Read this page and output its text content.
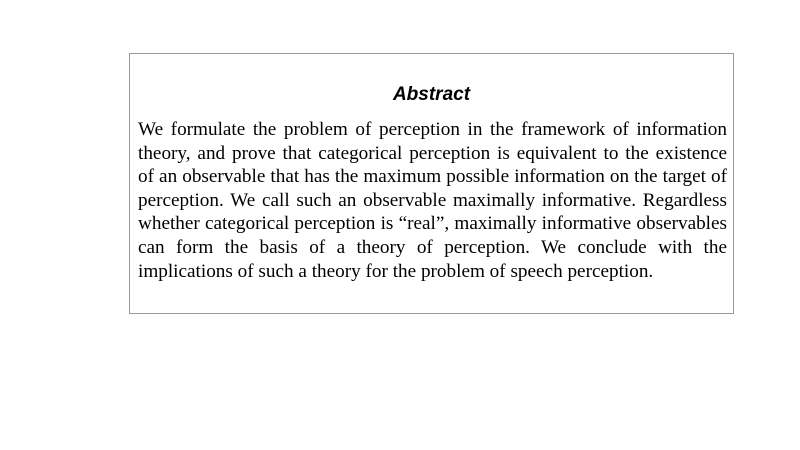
Abstract

We formulate the problem of perception in the framework of information theory, and prove that categorical perception is equivalent to the existence of an observable that has the maximum possible information on the target of perception. We call such an observable maximally informative. Regardless whether categorical perception is “real”, maximally informative observables can form the basis of a theory of perception. We conclude with the implications of such a theory for the problem of speech perception.
